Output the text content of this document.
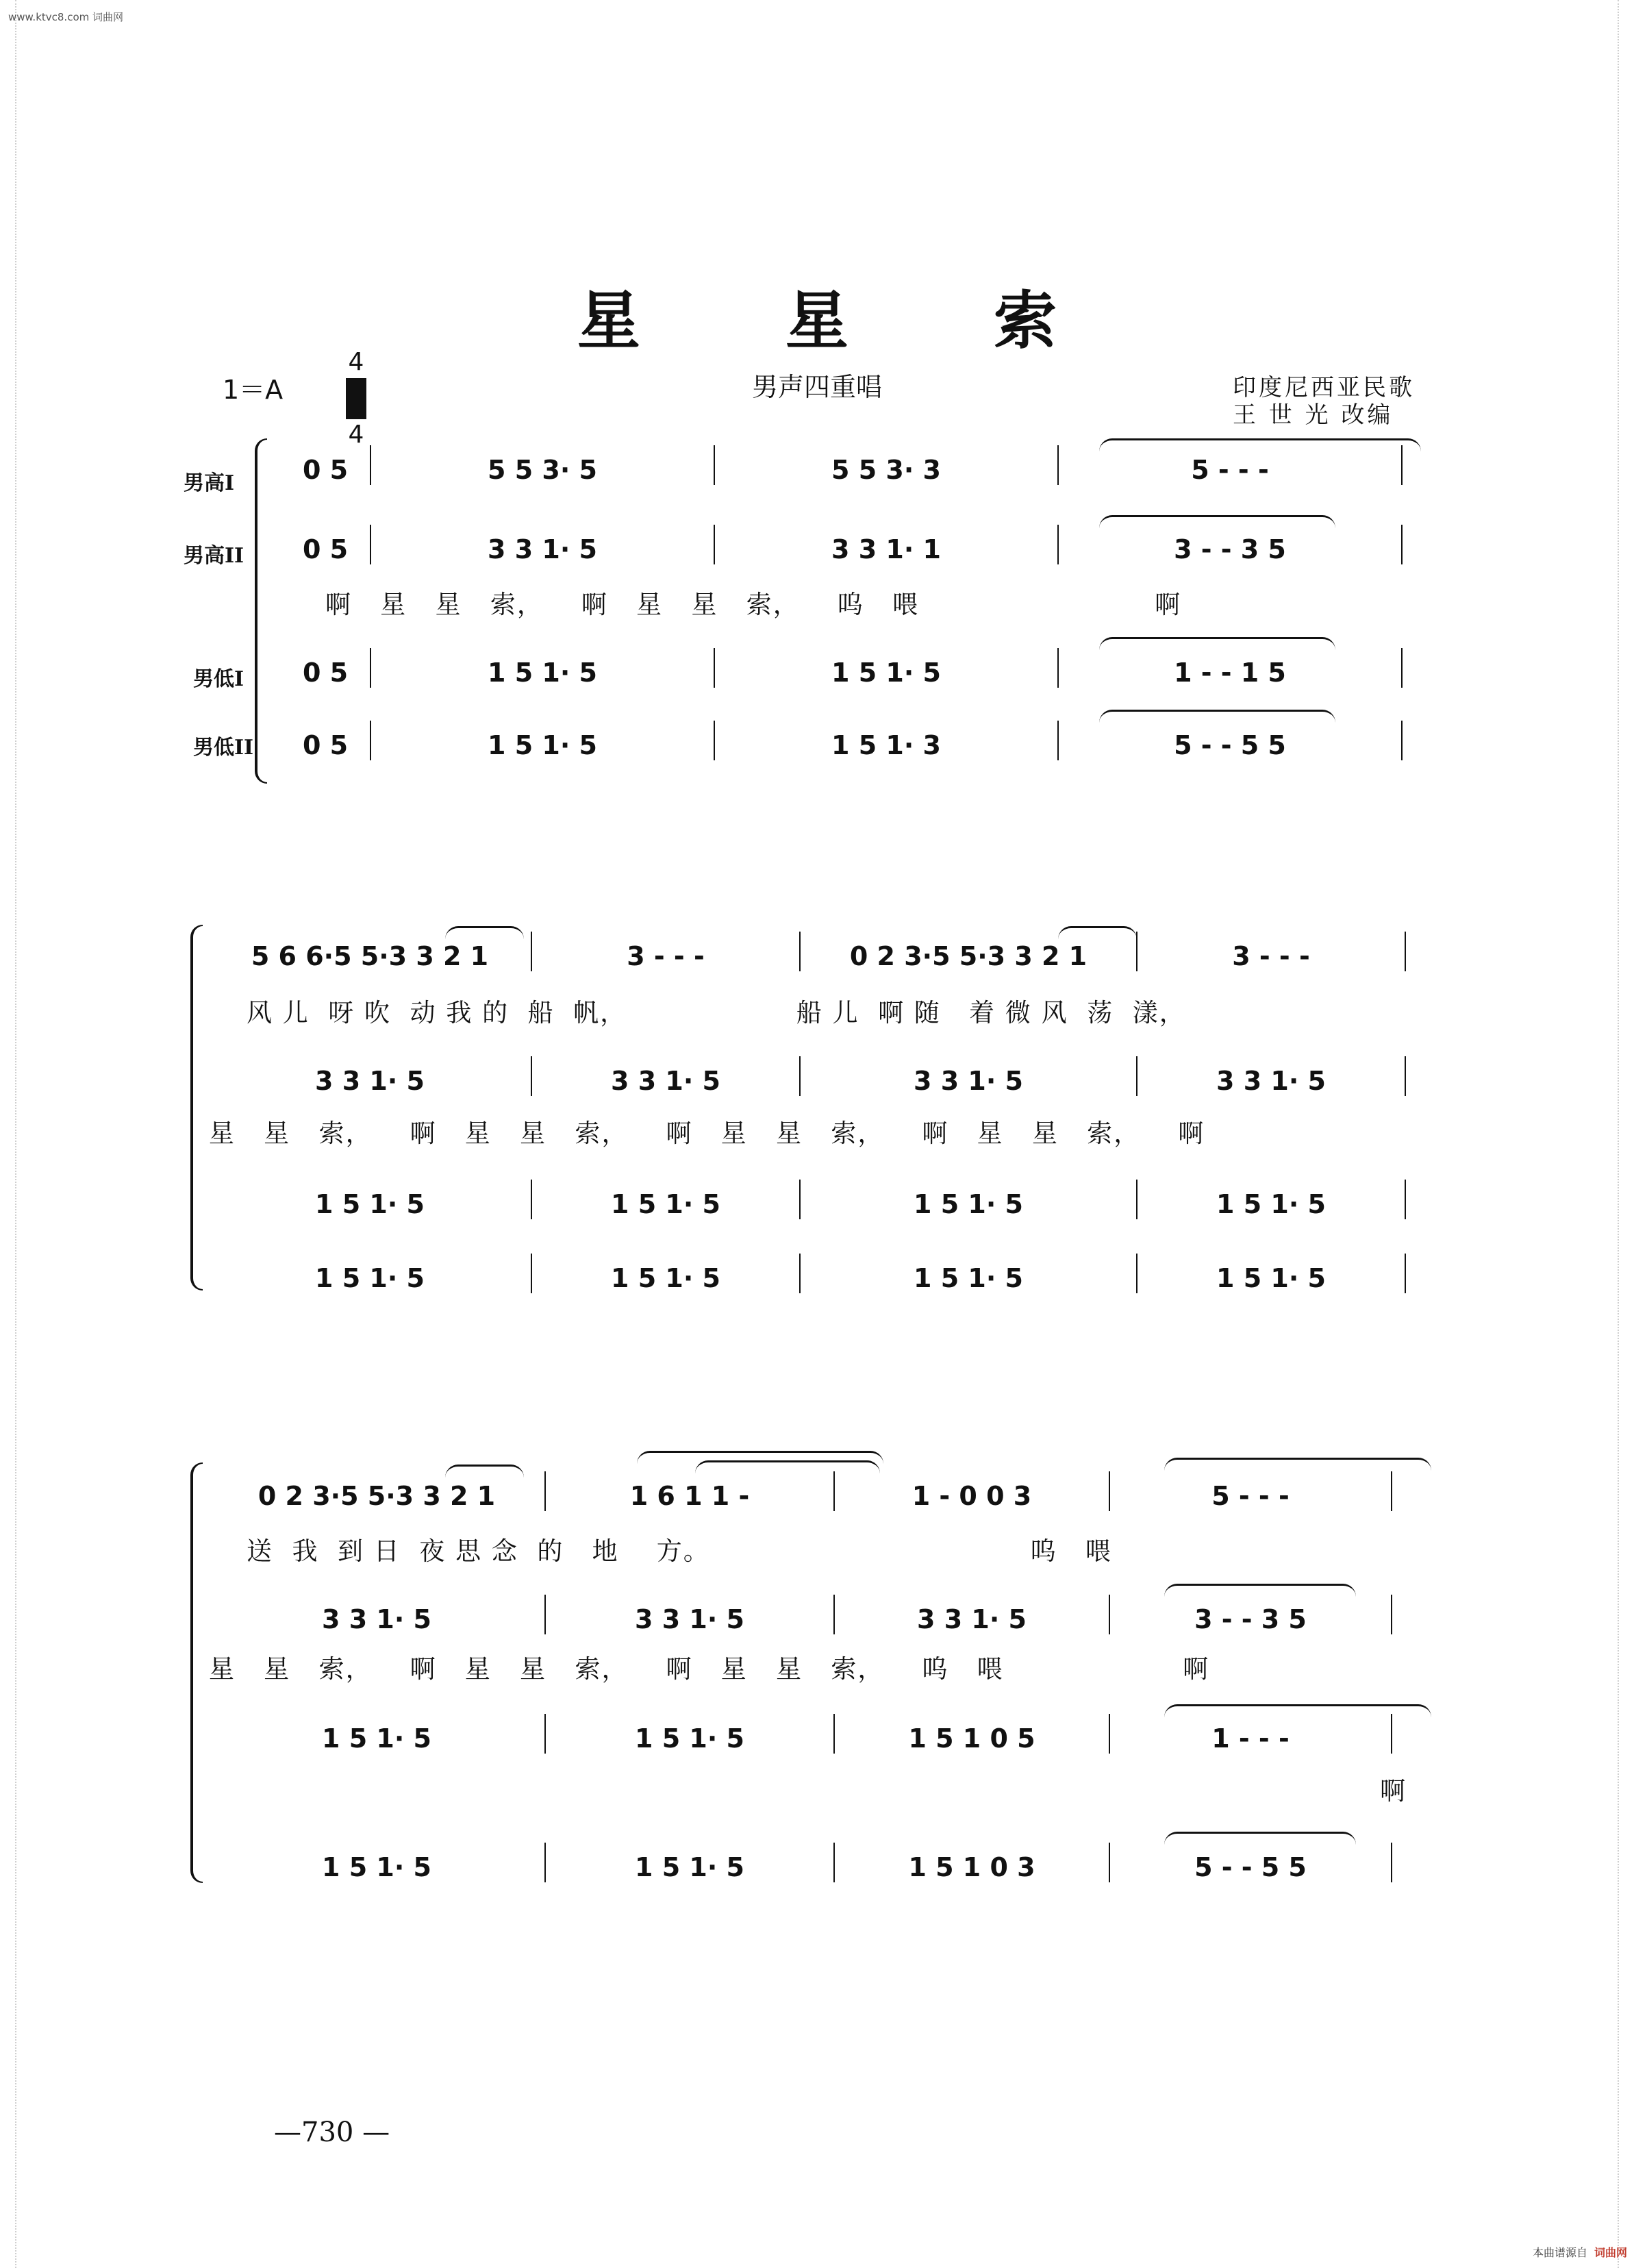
www.ktvc8.com 词曲网
本曲谱源自 词曲网
星 星 索
1＝A
4
4
男声四重唱	印度尼西亚民歌
王 世 光 改编
男高I
男高II
男低I
男低II
0 5	5 5 3· 5	5 5 3· 3	5 - - -
0 5	3 3 1· 5	3 3 1· 1	3 - - 3 5
啊   星   星   索，    啊   星   星   索，    呜   喂                         啊
0 5	1 5 1· 5	1 5 1· 5	1 - - 1 5
0 5	1 5 1· 5	1 5 1· 3	5 - - 5 5
5 6 6·5 5·3 3 2 1	3 - - -	0 2 3·5 5·3 3 2 1	3 - - -
风 儿  呀 吹  动 我 的  船  帆，                  船 儿  啊 随   着 微 风  荡  漾，
3 3 1· 5	3 3 1· 5	3 3 1· 5	3 3 1· 5
星   星   索，    啊   星   星   索，    啊   星   星   索，    啊   星   星   索，    啊
1 5 1· 5	1 5 1· 5	1 5 1· 5	1 5 1· 5
1 5 1· 5	1 5 1· 5	1 5 1· 5	1 5 1· 5
0 2 3·5 5·3 3 2 1	1 6 1 1 -	1 - 0 0 3	5 - - -
送  我  到 日  夜 思 念  的   地    方。                                  呜   喂
3 3 1· 5	3 3 1· 5	3 3 1· 5	3 - - 3 5
星   星   索，    啊   星   星   索，    啊   星   星   索，    呜   喂                   啊
1 5 1· 5	1 5 1· 5	1 5 1 0 5	1 - - -
啊
1 5 1· 5	1 5 1· 5	1 5 1 0 3	5 - - 5 5
—730 —
